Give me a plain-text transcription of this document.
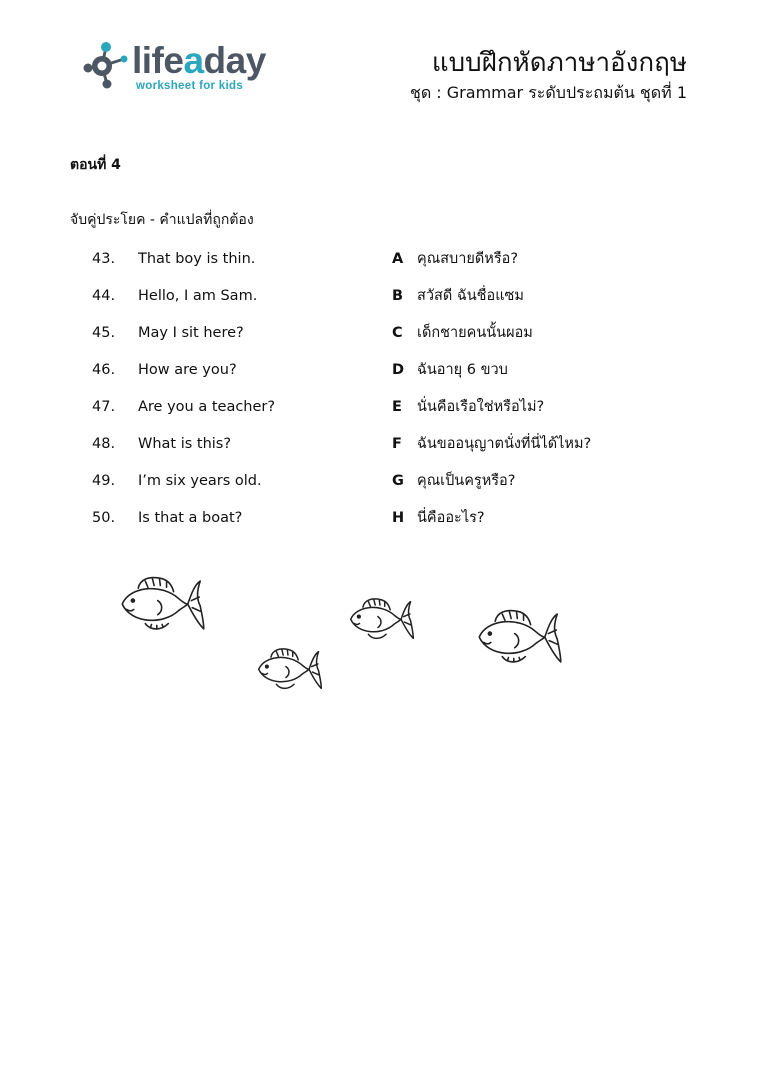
lifeaday
worksheet for kids
แบบฝึกหัดภาษาอังกฤษ
ชุด : Grammar ระดับประถมต้น ชุดที่ 1
ตอนที่ 4
จับคู่ประโยค - คำแปลที่ถูกต้อง
43. That boy is thin.	A คุณสบายดีหรือ?
44. Hello, I am Sam.	B สวัสดี ฉันชื่อแซม
45. May I sit here?	C เด็กชายคนนั้นผอม
46. How are you?	D ฉันอายุ 6 ขวบ
47. Are you a teacher?	E นั่นคือเรือใช่หรือไม่?
48. What is this?	F ฉันขออนุญาตนั่งที่นี่ได้ไหม?
49. I’m six years old.	G คุณเป็นครูหรือ?
50. Is that a boat?	H นี่คืออะไร?
